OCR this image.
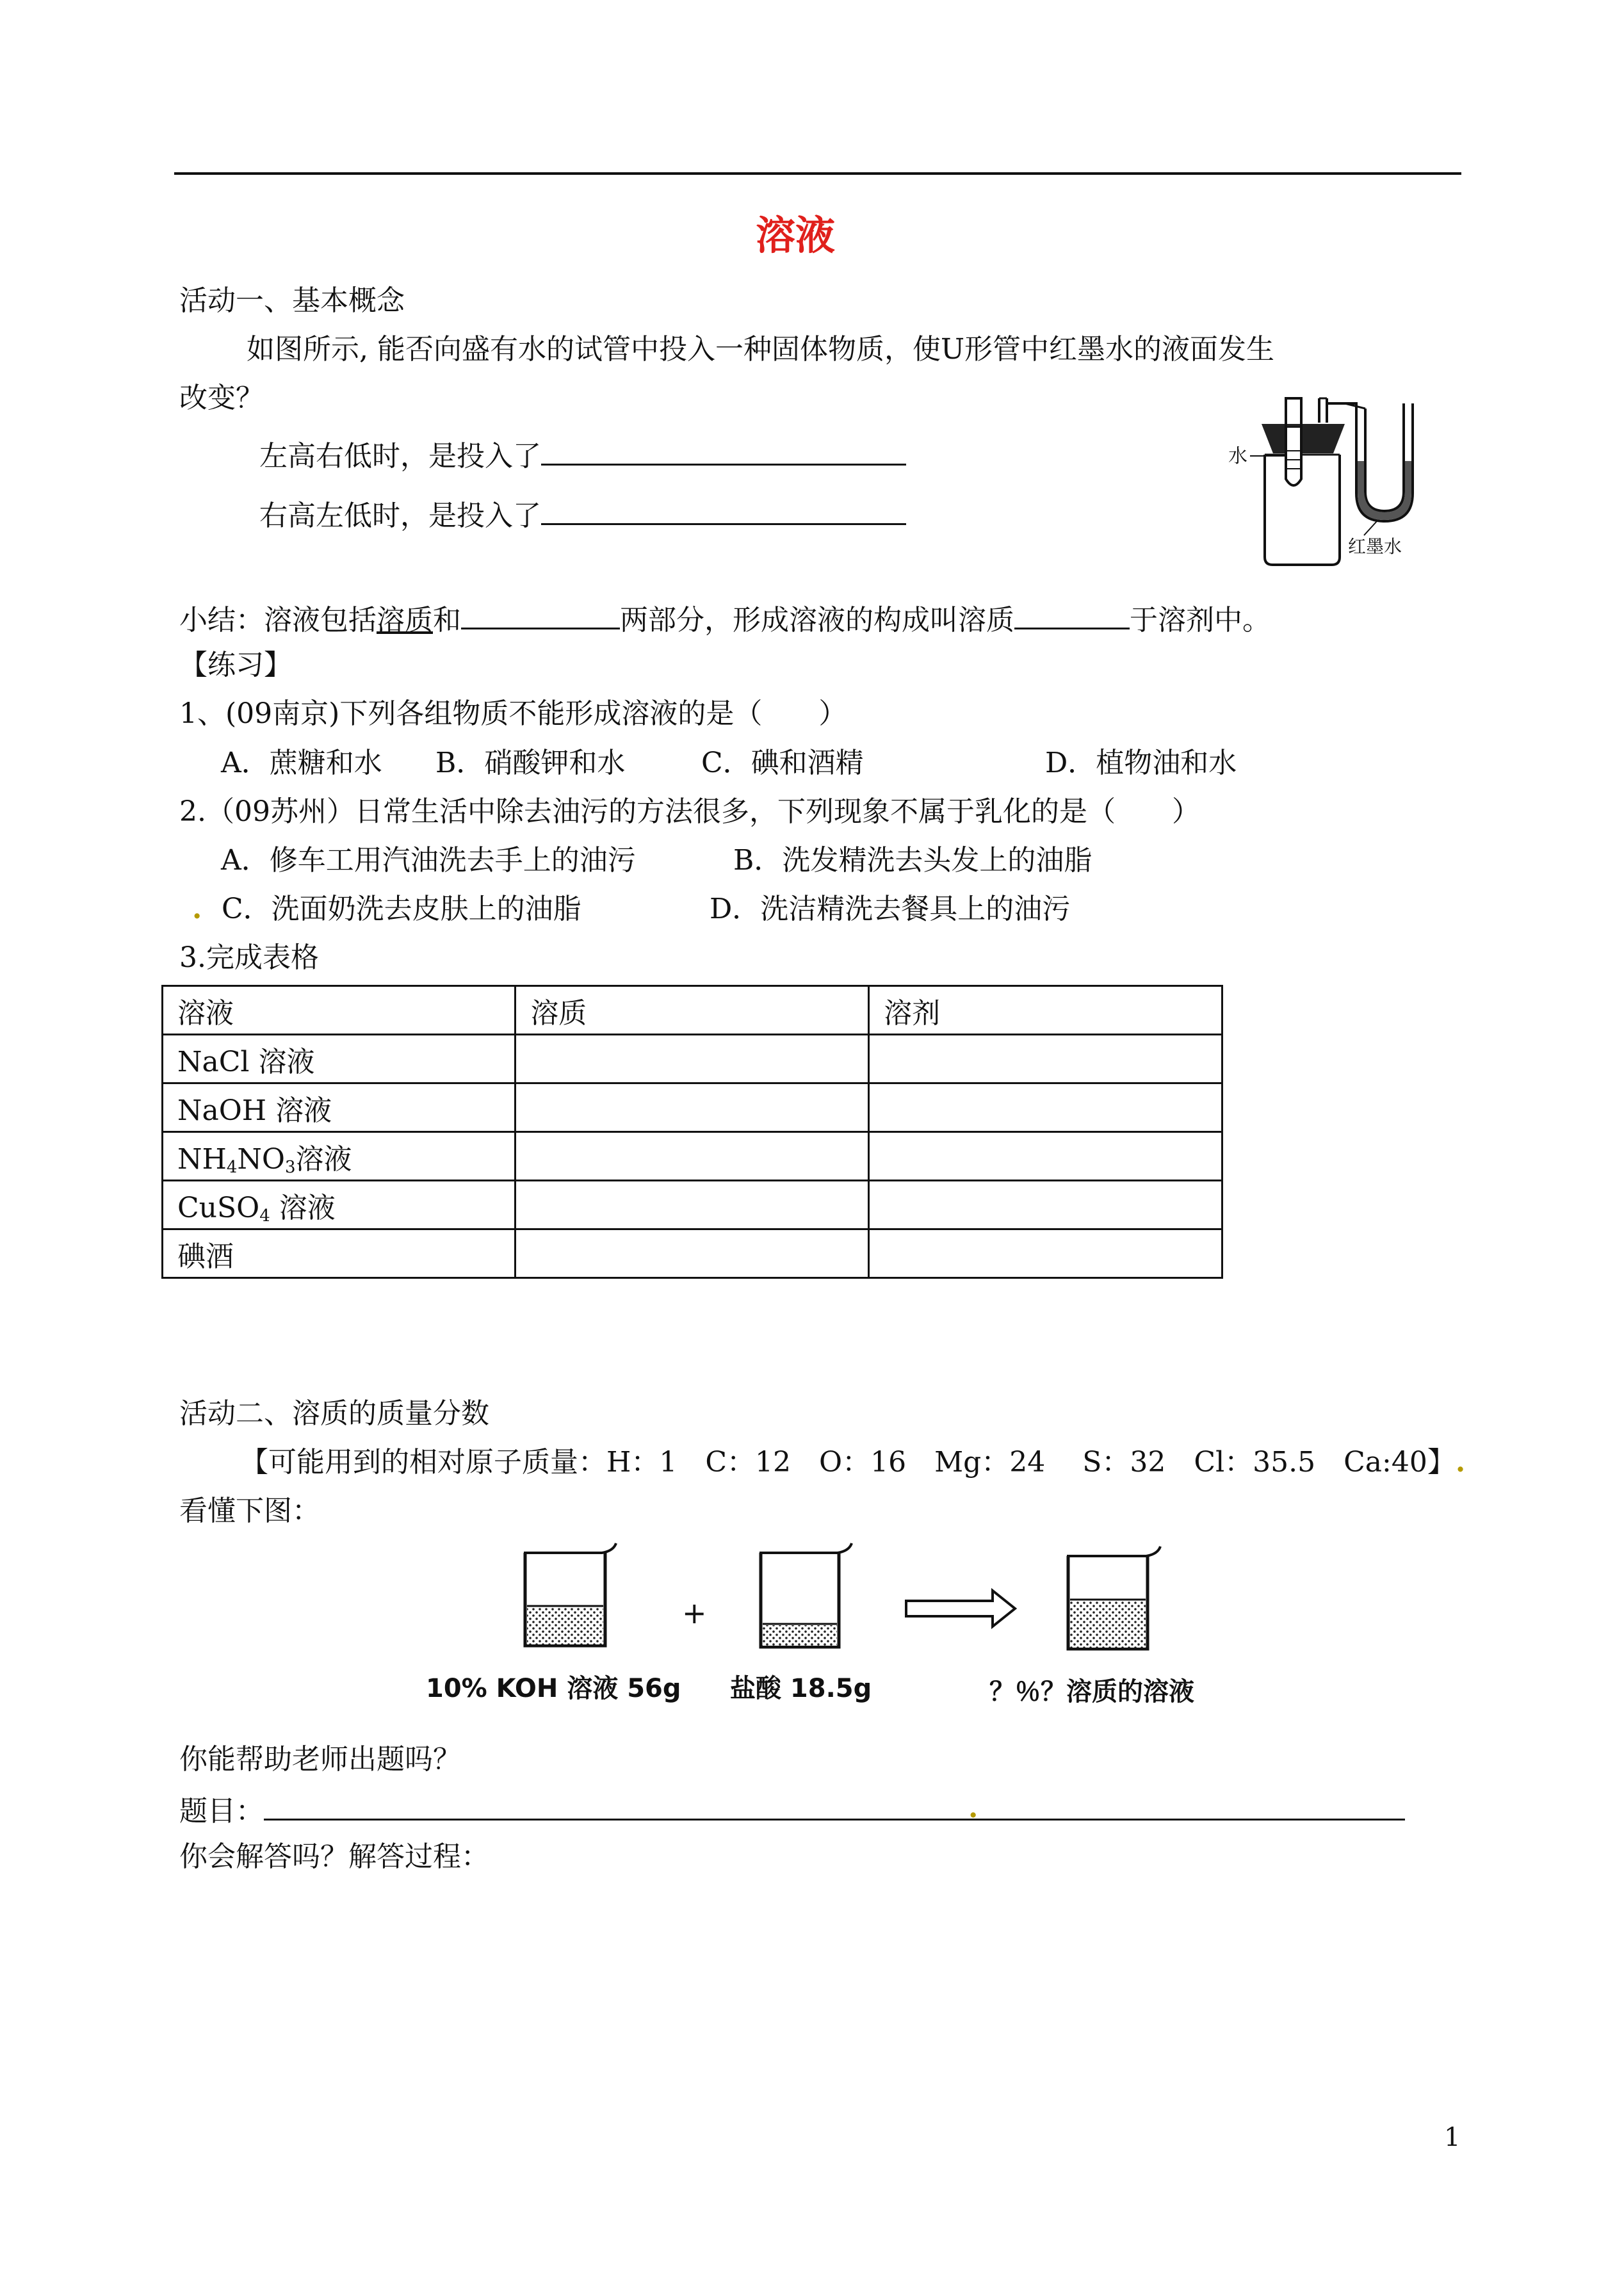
溶液
活动一、基本概念
如图所示, 能否向盛有水的试管中投入一种固体物质，使U形管中红墨水的液面发生
改变？
左高右低时，是投入了
右高左低时，是投入了
水
红墨水
小结：溶液包括溶质和	两部分，形成溶液的构成叫溶质	于溶剂中。
【练习】
1、(09南京)下列各组物质不能形成溶液的是（　　）
A．蔗糖和水 B．硝酸钾和水	C．碘和酒精	D．植物油和水
2.（09苏州）日常生活中除去油污的方法很多，下列现象不属于乳化的是（　　）
A．修车工用汽油洗去手上的油污	B．洗发精洗去头发上的油脂
.  C．洗面奶洗去皮肤上的油脂	D．洗洁精洗去餐具上的油污
3.完成表格
溶液	溶质	溶剂
NaCl 溶液		
NaOH 溶液		
$NH_4NO_3$溶液		
CuSO$_4$ 溶液		
碘酒		
活动二、溶质的质量分数
【可能用到的相对原子质量：H：1　C：12　O：16　Mg：24　 S：32　Cl：35.5　Ca:40】.
看懂下图：
+
10% KOH 溶液 56g 盐酸 18.5g	？％？溶质的溶液
你能帮助老师出题吗？
题目：	.
你会解答吗？解答过程：
1
